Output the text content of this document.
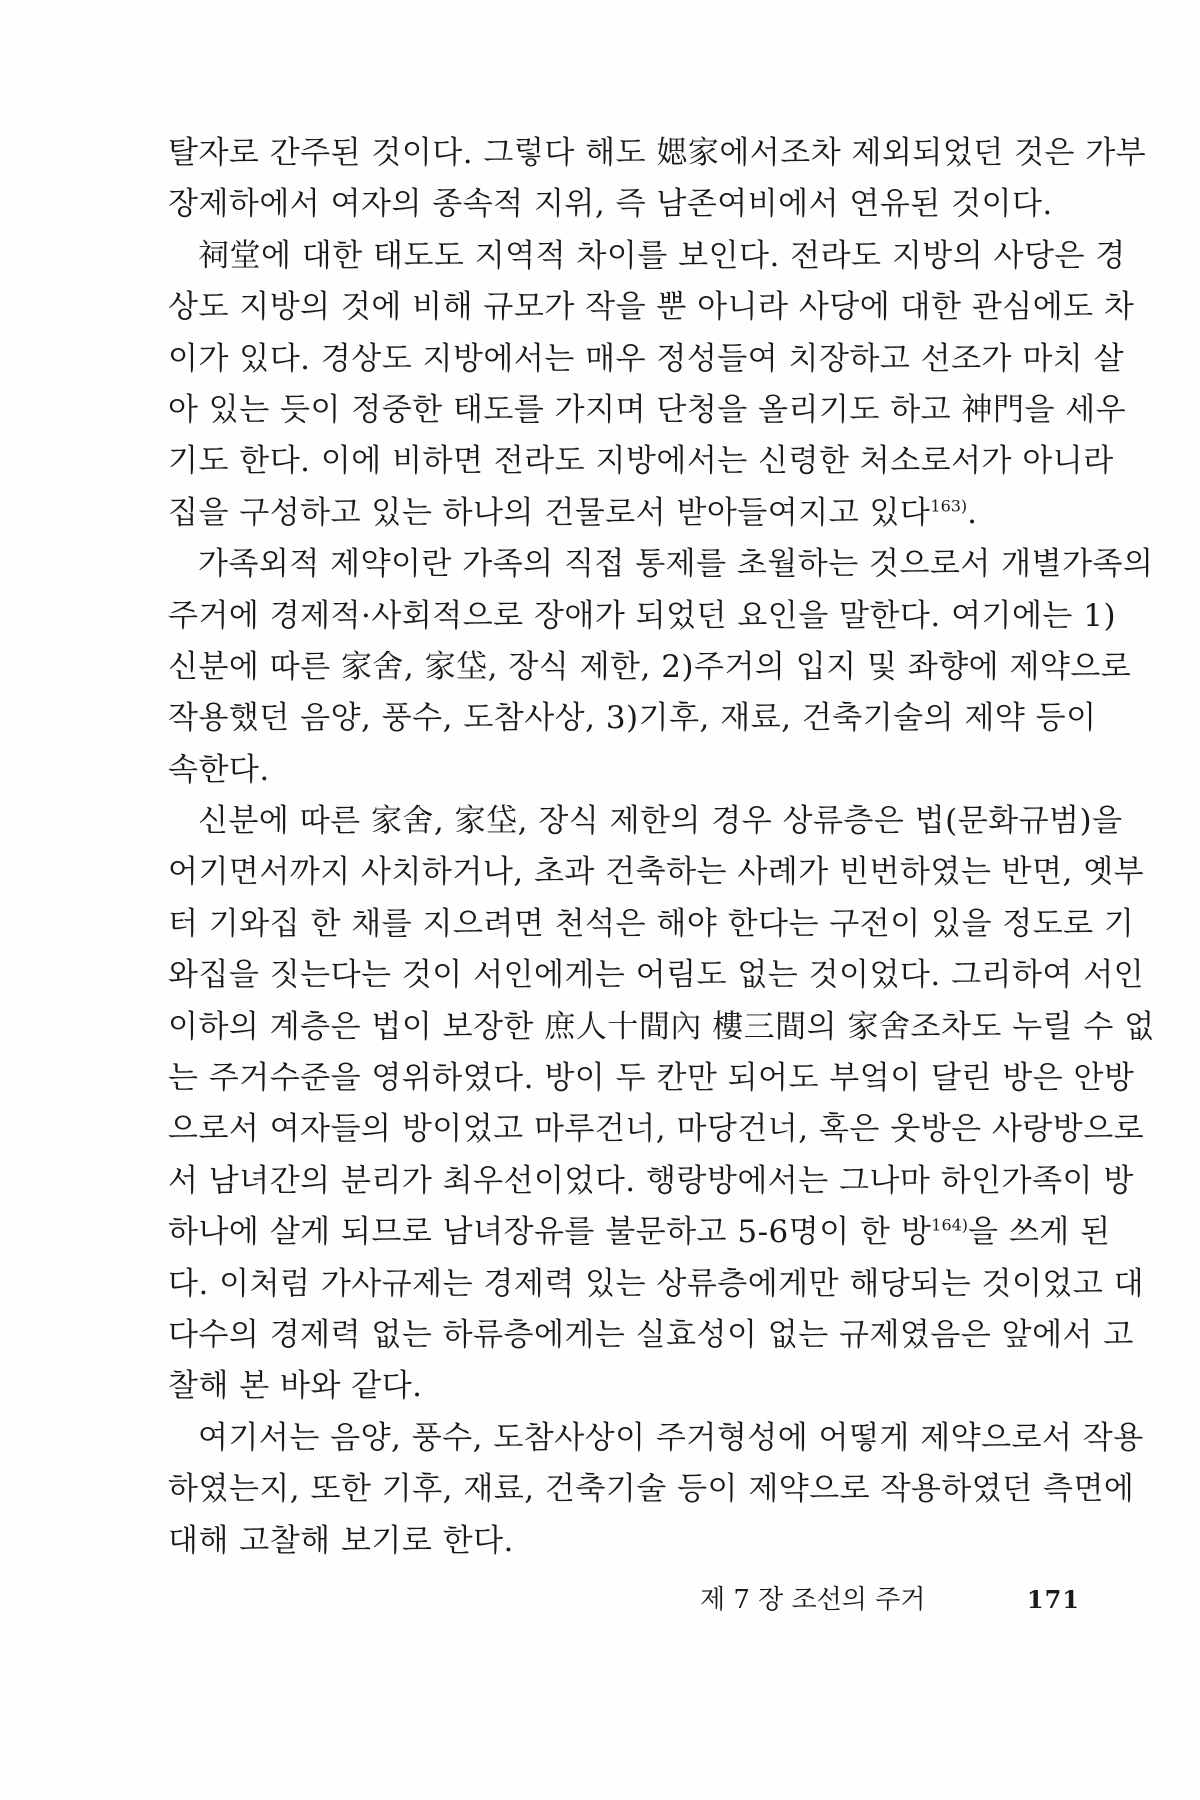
탈자로 간주된 것이다. 그렇다 해도 媤家에서조차 제외되었던 것은 가부
장제하에서 여자의 종속적 지위, 즉 남존여비에서 연유된 것이다.
祠堂에 대한 태도도 지역적 차이를 보인다. 전라도 지방의 사당은 경
상도 지방의 것에 비해 규모가 작을 뿐 아니라 사당에 대한 관심에도 차
이가 있다. 경상도 지방에서는 매우 정성들여 치장하고 선조가 마치 살
아 있는 듯이 정중한 태도를 가지며 단청을 올리기도 하고 神門을 세우
기도 한다. 이에 비하면 전라도 지방에서는 신령한 처소로서가 아니라
집을 구성하고 있는 하나의 건물로서 받아들여지고 있다$^{163)}$.
가족외적 제약이란 가족의 직접 통제를 초월하는 것으로서 개별가족의
주거에 경제적·사회적으로 장애가 되었던 요인을 말한다. 여기에는 1)
신분에 따른 家舍, 家垈, 장식 제한, 2)주거의 입지 및 좌향에 제약으로
작용했던 음양, 풍수, 도참사상, 3)기후, 재료, 건축기술의 제약 등이
속한다.
신분에 따른 家舍, 家垈, 장식 제한의 경우 상류층은 법(문화규범)을
어기면서까지 사치하거나, 초과 건축하는 사례가 빈번하였는 반면, 옛부
터 기와집 한 채를 지으려면 천석은 해야 한다는 구전이 있을 정도로 기
와집을 짓는다는 것이 서인에게는 어림도 없는 것이었다. 그리하여 서인
이하의 계층은 법이 보장한 庶人十間內 樓三間의 家舍조차도 누릴 수 없
는 주거수준을 영위하였다. 방이 두 칸만 되어도 부엌이 달린 방은 안방
으로서 여자들의 방이었고 마루건너, 마당건너, 혹은 웃방은 사랑방으로
서 남녀간의 분리가 최우선이었다. 행랑방에서는 그나마 하인가족이 방
하나에 살게 되므로 남녀장유를 불문하고 5-6명이 한 방$^{164)}$을 쓰게 된
다. 이처럼 가사규제는 경제력 있는 상류층에게만 해당되는 것이었고 대
다수의 경제력 없는 하류층에게는 실효성이 없는 규제였음은 앞에서 고
찰해 본 바와 같다.
여기서는 음양, 풍수, 도참사상이 주거형성에 어떻게 제약으로서 작용
하였는지, 또한 기후, 재료, 건축기술 등이 제약으로 작용하였던 측면에
대해 고찰해 보기로 한다.
제 7 장 조선의 주거	171
